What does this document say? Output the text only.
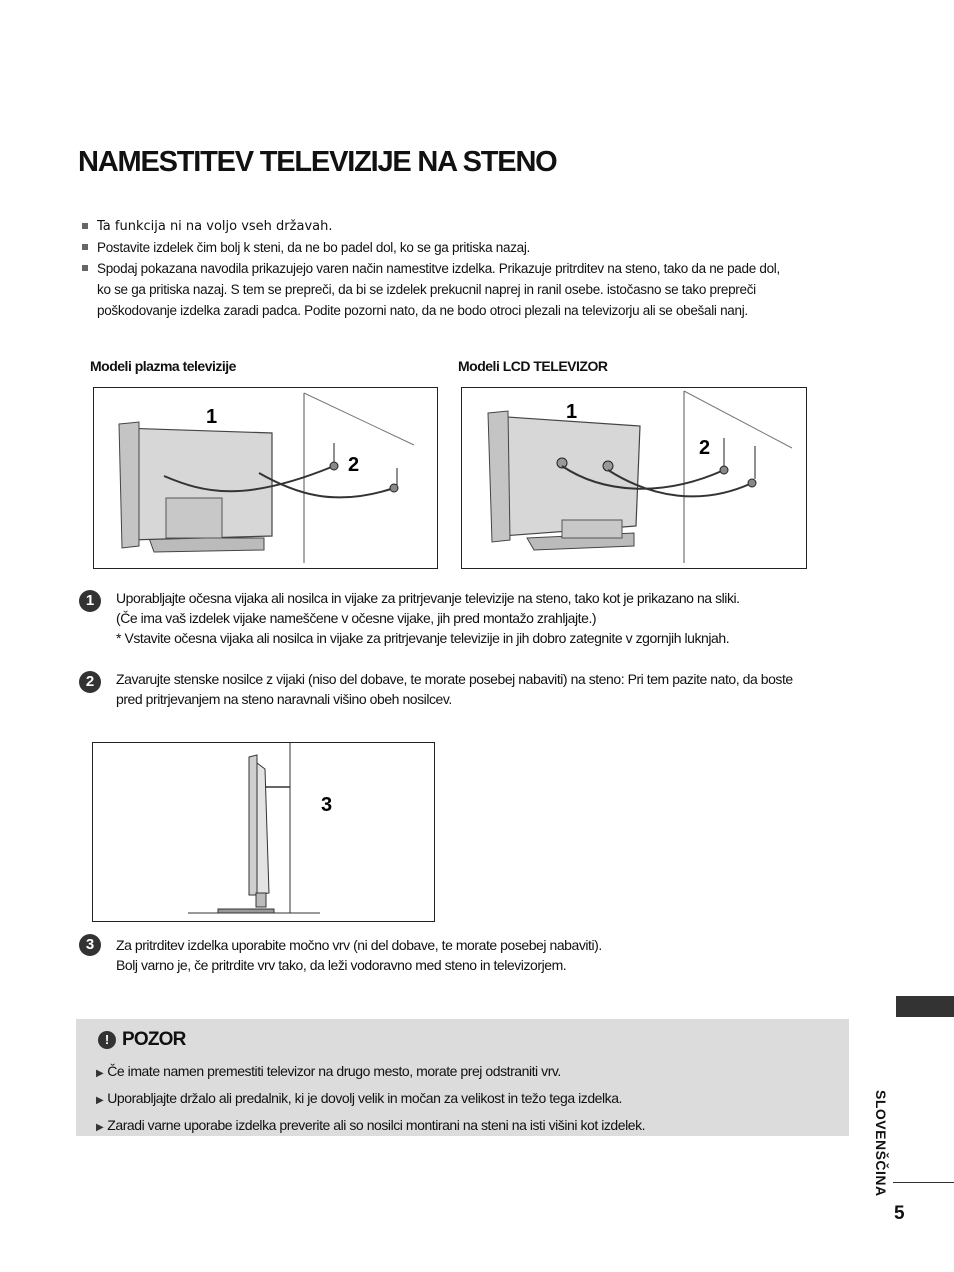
NAMESTITEV TELEVIZIJE NA STENO
Ta funkcija ni na voljo vseh državah.
Postavite izdelek čim bolj k steni, da ne bo padel dol, ko se ga pritiska nazaj.
Spodaj pokazana navodila prikazujejo varen način namestitve izdelka. Prikazuje pritrditev na steno, tako da ne pade dol,
ko se ga pritiska nazaj. S tem se prepreči, da bi se izdelek prekucnil naprej in ranil osebe. istočasno se tako prepreči
poškodovanje izdelka zaradi padca. Podite pozorni nato, da ne bodo otroci plezali na televizorju ali se obešali nanj.
Modeli plazma televizije	Modeli LCD TELEVIZOR
1
2
1
2
1	Uporabljajte očesna vijaka ali nosilca in vijake za pritrjevanje televizije na steno, tako kot je prikazano na sliki.
(Če ima vaš izdelek vijake nameščene v očesne vijake, jih pred montažo zrahljajte.)
* Vstavite očesna vijaka ali nosilca in vijake za pritrjevanje televizije in jih dobro zategnite v zgornjih luknjah.
2	Zavarujte stenske nosilce z vijaki (niso del dobave, te morate posebej nabaviti) na steno: Pri tem pazite nato, da boste
pred pritrjevanjem na steno naravnali višino obeh nosilcev.
3
3	Za pritrditev izdelka uporabite močno vrv (ni del dobave, te morate posebej nabaviti).
Bolj varno je, če pritrdite vrv tako, da leži vodoravno med steno in televizorjem.
! POZOR
▶ Če imate namen premestiti televizor na drugo mesto, morate prej odstraniti vrv.
▶ Uporabljajte držalo ali predalnik, ki je dovolj velik in močan za velikost in težo tega izdelka.
▶ Zaradi varne uporabe izdelka preverite ali so nosilci montirani na steni na isti višini kot izdelek.	SLOVENŠČINA
5
